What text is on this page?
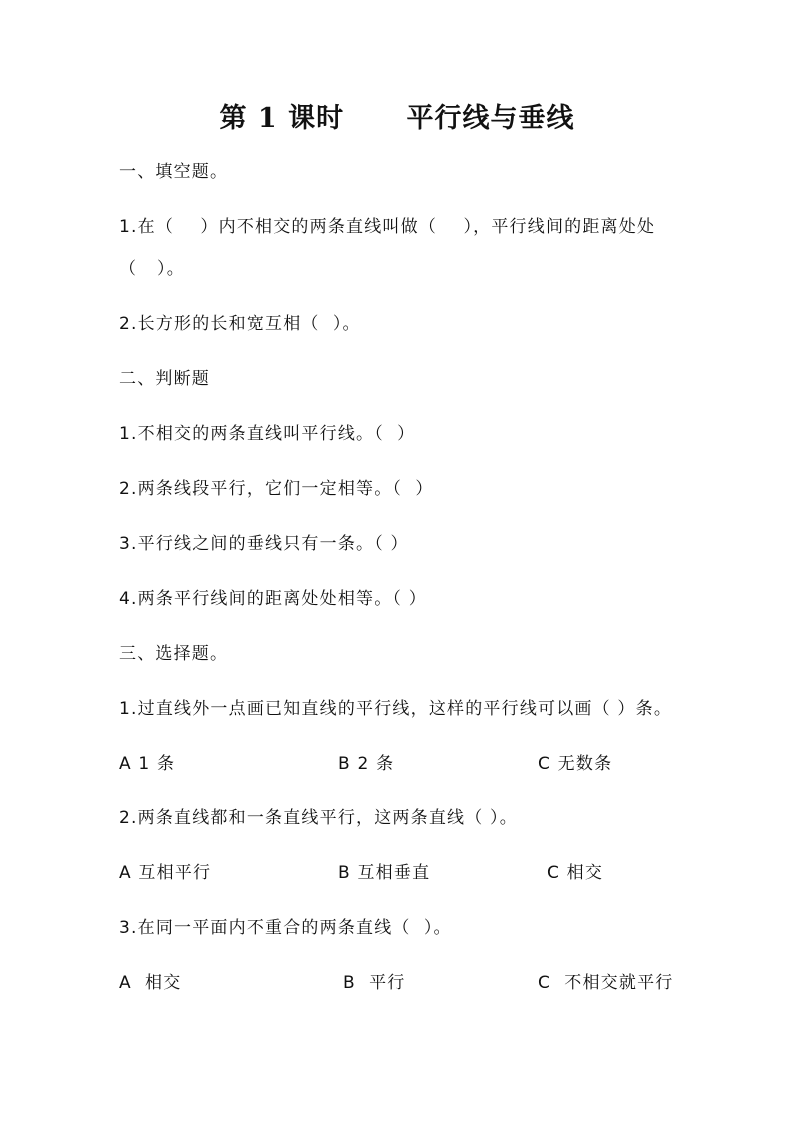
第 1 课时      平行线与垂线
一、填空题。
1.在（    ）内不相交的两条直线叫做（    ），平行线间的距离处处
（   ）。
2.长方形的长和宽互相（  ）。
二、判断题
1.不相交的两条直线叫平行线。（  ）
2.两条线段平行，它们一定相等。（  ）
3.平行线之间的垂线只有一条。（ ）
4.两条平行线间的距离处处相等。（ ）
三、选择题。
1.过直线外一点画已知直线的平行线，这样的平行线可以画（ ）条。
A 1 条	B 2 条	C 无数条
2.两条直线都和一条直线平行，这两条直线（ ）。
A 互相平行	B 互相垂直	C 相交
3.在同一平面内不重合的两条直线（  ）。
A  相交	B  平行	C  不相交就平行
